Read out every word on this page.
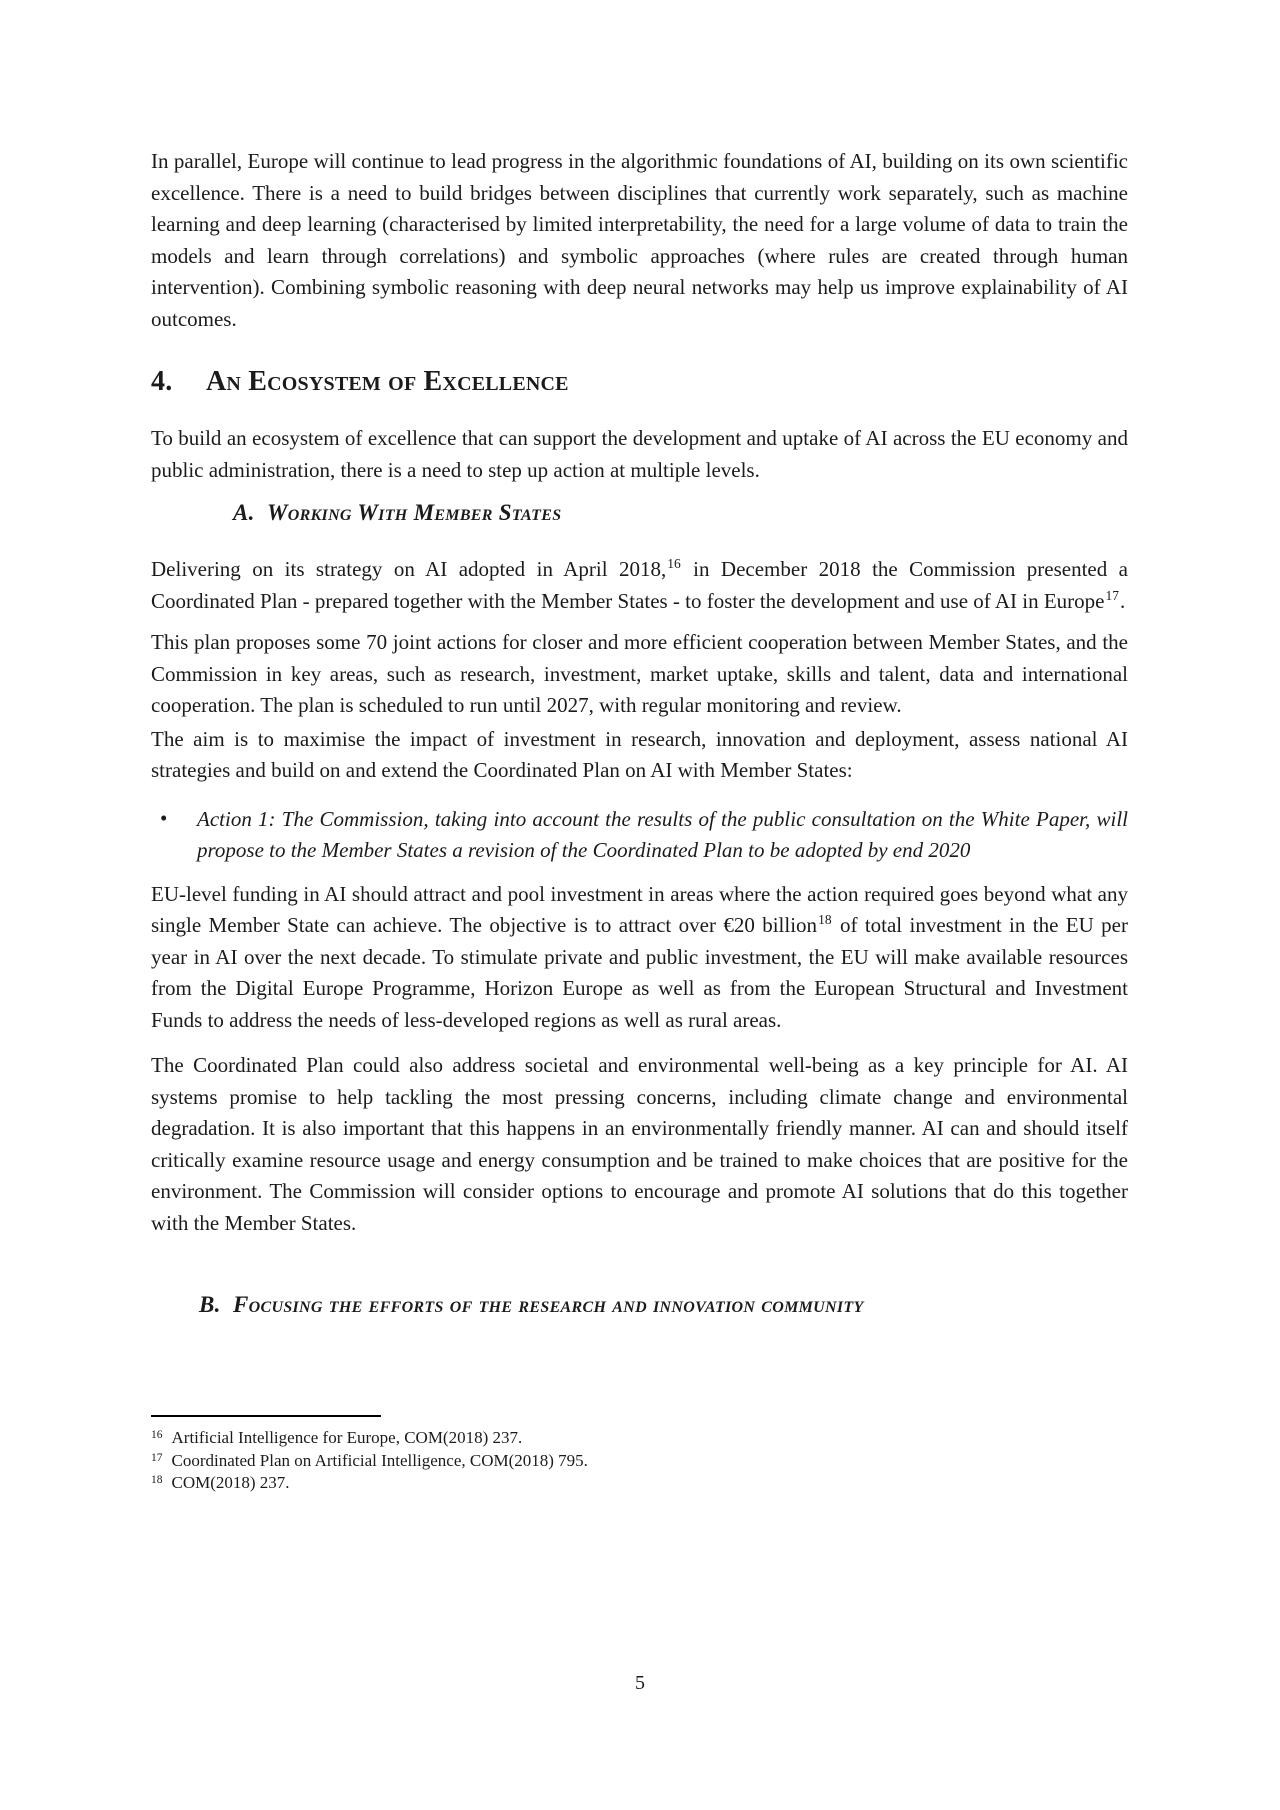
In parallel, Europe will continue to lead progress in the algorithmic foundations of AI, building on its own scientific excellence. There is a need to build bridges between disciplines that currently work separately, such as machine learning and deep learning (characterised by limited interpretability, the need for a large volume of data to train the models and learn through correlations) and symbolic approaches (where rules are created through human intervention). Combining symbolic reasoning with deep neural networks may help us improve explainability of AI outcomes.

4. An Ecosystem of Excellence

To build an ecosystem of excellence that can support the development and uptake of AI across the EU economy and public administration, there is a need to step up action at multiple levels.

A. Working With Member States

Delivering on its strategy on AI adopted in April 2018,16 in December 2018 the Commission presented a Coordinated Plan - prepared together with the Member States - to foster the development and use of AI in Europe$^{17}$.

This plan proposes some 70 joint actions for closer and more efficient cooperation between Member States, and the Commission in key areas, such as research, investment, market uptake, skills and talent, data and international cooperation. The plan is scheduled to run until 2027, with regular monitoring and review.

The aim is to maximise the impact of investment in research, innovation and deployment, assess national AI strategies and build on and extend the Coordinated Plan on AI with Member States:

• Action 1: The Commission, taking into account the results of the public consultation on the White Paper, will propose to the Member States a revision of the Coordinated Plan to be adopted by end 2020

EU-level funding in AI should attract and pool investment in areas where the action required goes beyond what any single Member State can achieve. The objective is to attract over €20 billion$^{18}$ of total investment in the EU per year in AI over the next decade. To stimulate private and public investment, the EU will make available resources from the Digital Europe Programme, Horizon Europe as well as from the European Structural and Investment Funds to address the needs of less-developed regions as well as rural areas.

The Coordinated Plan could also address societal and environmental well-being as a key principle for AI. AI systems promise to help tackling the most pressing concerns, including climate change and environmental degradation. It is also important that this happens in an environmentally friendly manner. AI can and should itself critically examine resource usage and energy consumption and be trained to make choices that are positive for the environment. The Commission will consider options to encourage and promote AI solutions that do this together with the Member States.

B. Focusing the efforts of the research and innovation community

$^{16}$ Artificial Intelligence for Europe, COM(2018) 237.

$^{17}$ Coordinated Plan on Artificial Intelligence, COM(2018) 795.

$^{18}$ COM(2018) 237.

5
